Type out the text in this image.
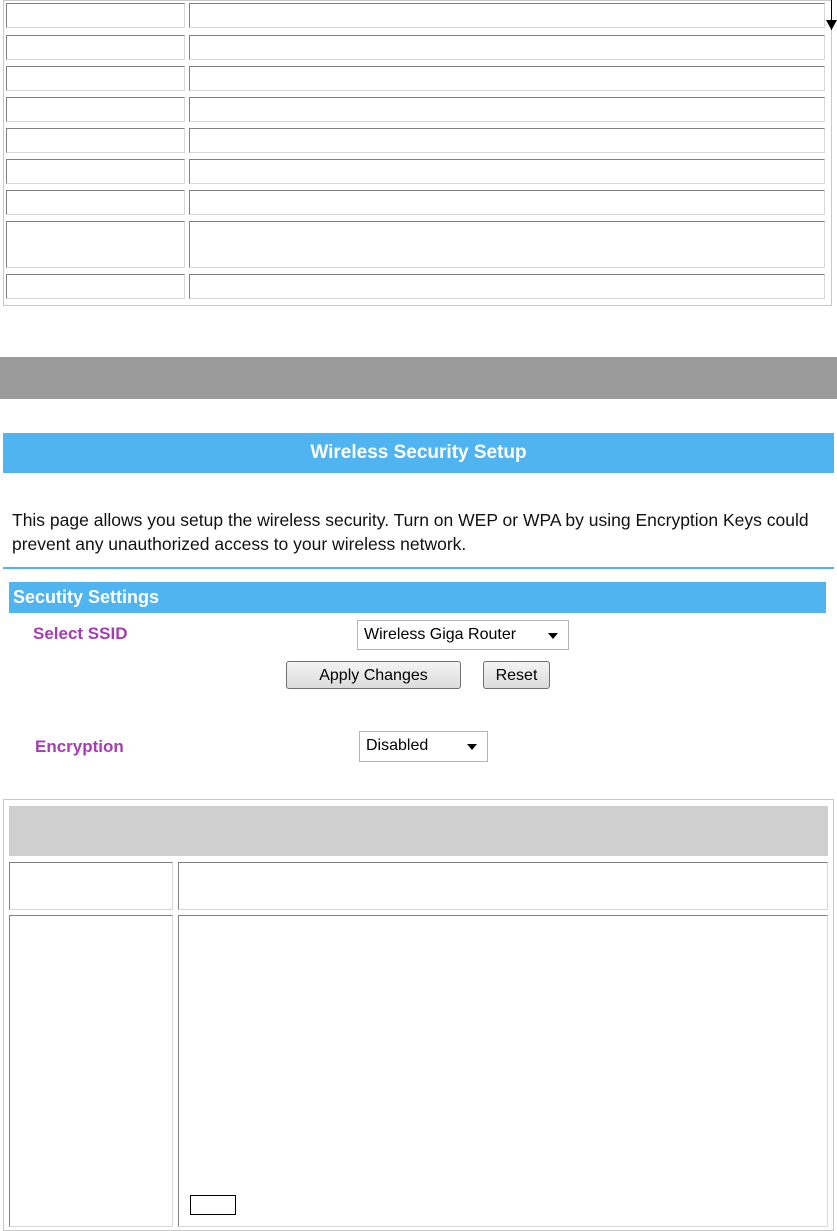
Wireless Security Setup
This page allows you setup the wireless security. Turn on WEP or WPA by using Encryption Keys could prevent any unauthorized access to your wireless network.
Secutity Settings
Select SSID	Wireless Giga Router
Apply Changes	Reset
Encryption	Disabled
